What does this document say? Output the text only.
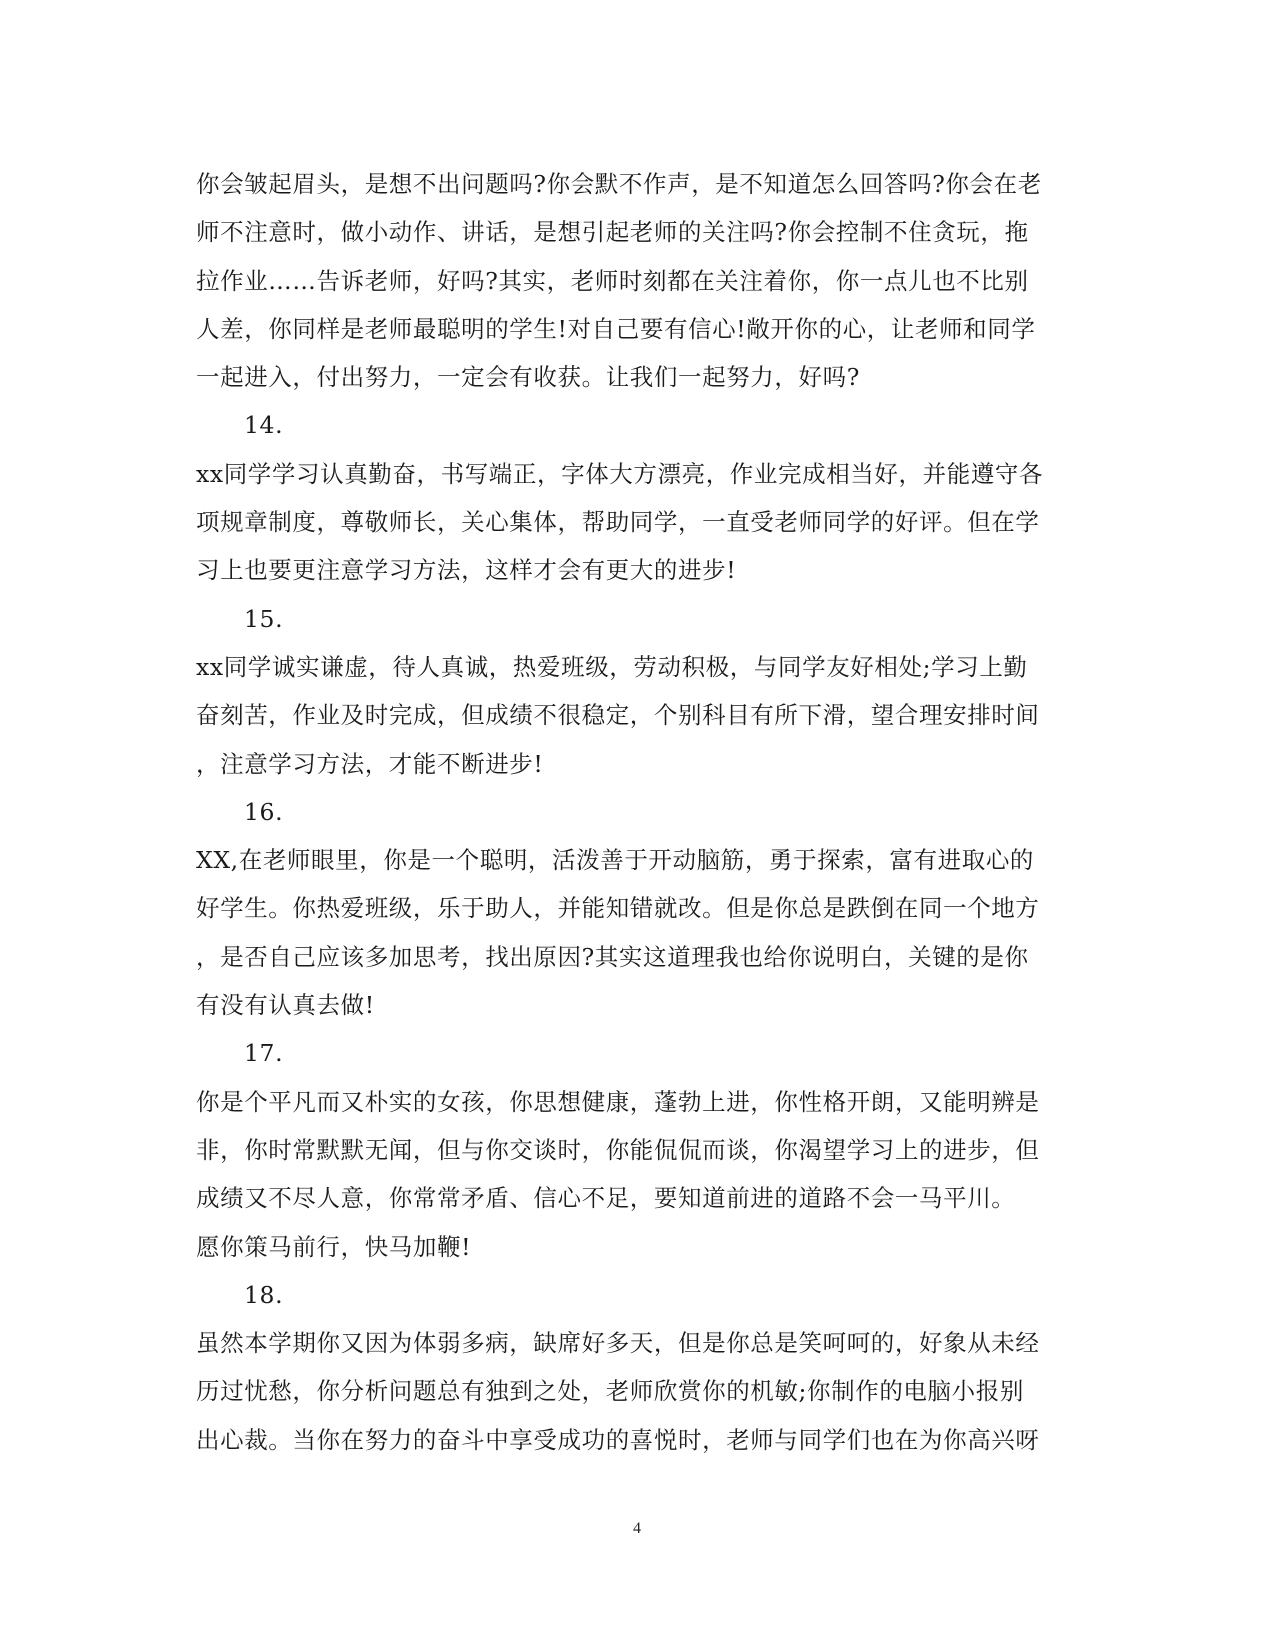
你会皱起眉头，是想不出问题吗?你会默不作声，是不知道怎么回答吗?你会在老
师不注意时，做小动作、讲话，是想引起老师的关注吗?你会控制不住贪玩，拖
拉作业……告诉老师，好吗?其实，老师时刻都在关注着你，你一点儿也不比别
人差，你同样是老师最聪明的学生!对自己要有信心!敞开你的心，让老师和同学
一起进入，付出努力，一定会有收获。让我们一起努力，好吗?
14.
xx同学学习认真勤奋，书写端正，字体大方漂亮，作业完成相当好，并能遵守各
项规章制度，尊敬师长，关心集体，帮助同学，一直受老师同学的好评。但在学
习上也要更注意学习方法，这样才会有更大的进步!
15.
xx同学诚实谦虚，待人真诚，热爱班级，劳动积极，与同学友好相处;学习上勤
奋刻苦，作业及时完成，但成绩不很稳定，个别科目有所下滑，望合理安排时间
，注意学习方法，才能不断进步!
16.
XX,在老师眼里，你是一个聪明，活泼善于开动脑筋，勇于探索，富有进取心的
好学生。你热爱班级，乐于助人，并能知错就改。但是你总是跌倒在同一个地方
，是否自己应该多加思考，找出原因?其实这道理我也给你说明白，关键的是你
有没有认真去做!
17.
你是个平凡而又朴实的女孩，你思想健康，蓬勃上进，你性格开朗，又能明辨是
非，你时常默默无闻，但与你交谈时，你能侃侃而谈，你渴望学习上的进步，但
成绩又不尽人意，你常常矛盾、信心不足，要知道前进的道路不会一马平川。
愿你策马前行，快马加鞭!
18.
虽然本学期你又因为体弱多病，缺席好多天，但是你总是笑呵呵的，好象从未经
历过忧愁，你分析问题总有独到之处，老师欣赏你的机敏;你制作的电脑小报别
出心裁。当你在努力的奋斗中享受成功的喜悦时，老师与同学们也在为你高兴呀
4
